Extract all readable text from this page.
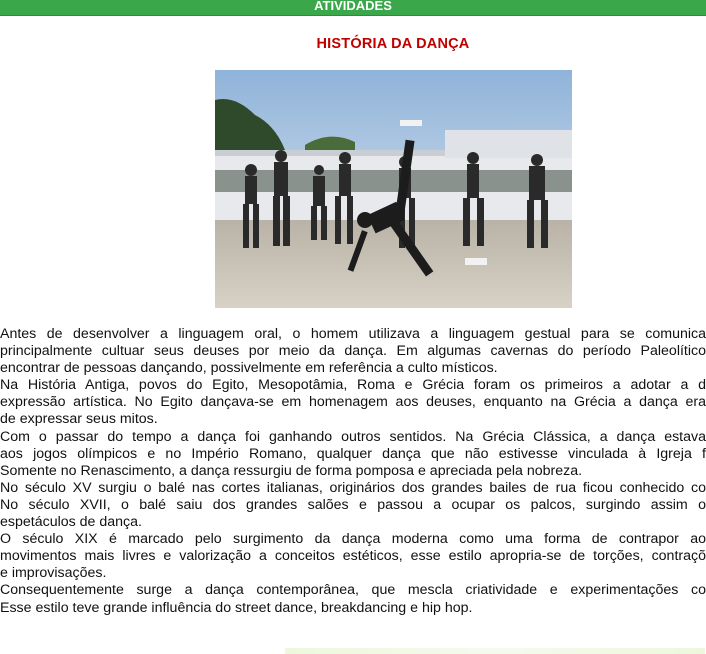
ATIVIDADES
HISTÓRIA DA DANÇA
Antes de desenvolver a linguagem oral, o homem utilizava a linguagem gestual para se comunica
principalmente cultuar seus deuses por meio da dança. Em algumas cavernas do período Paleolítico
encontrar de pessoas dançando, possivelmente em referência a culto místicos.
Na História Antiga, povos do Egito, Mesopotâmia, Roma e Grécia foram os primeiros a adotar a d
expressão artística. No Egito dançava-se em homenagem aos deuses, enquanto na Grécia a dança era
de expressar seus mitos.
Com o passar do tempo a dança foi ganhando outros sentidos. Na Grécia Clássica, a dança estava
aos jogos olímpicos e no Império Romano, qualquer dança que não estivesse vinculada à Igreja f
Somente no Renascimento, a dança ressurgiu de forma pomposa e apreciada pela nobreza.
No século XV surgiu o balé nas cortes italianas, originários dos grandes bailes de rua ficou conhecido co
No século XVII, o balé saiu dos grandes salões e passou a ocupar os palcos, surgindo assim o
espetáculos de dança.
O século XIX é marcado pelo surgimento da dança moderna como uma forma de contrapor ao
movimentos mais livres e valorização a conceitos estéticos, esse estilo apropria-se de torções, contraçõ
e improvisações.
Consequentemente surge a dança contemporânea, que mescla criatividade e experimentações co
Esse estilo teve grande influência do street dance, breakdancing e hip hop.
